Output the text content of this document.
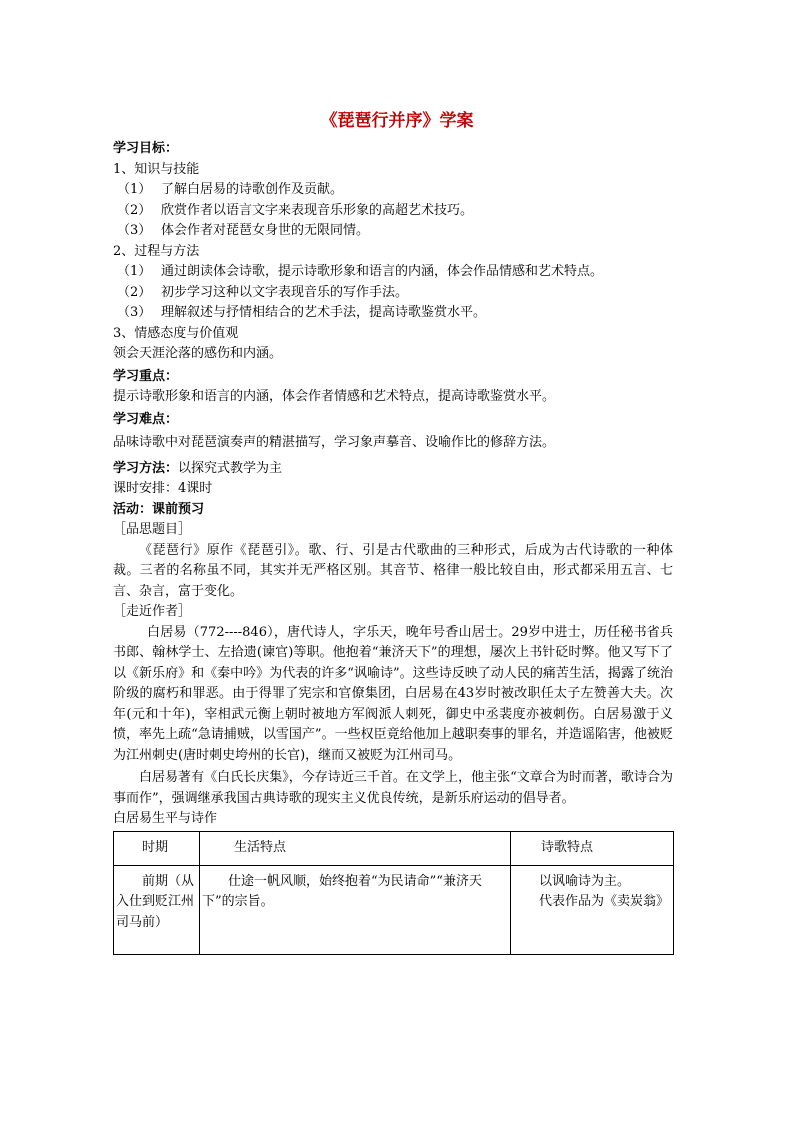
《琵琶行并序》学案
学习目标：
1、知识与技能
（1） 了解白居易的诗歌创作及贡献。
（2） 欣赏作者以语言文字来表现音乐形象的高超艺术技巧。
（3） 体会作者对琵琶女身世的无限同情。
2、过程与方法
（1） 通过朗读体会诗歌，提示诗歌形象和语言的内涵，体会作品情感和艺术特点。
（2） 初步学习这种以文字表现音乐的写作手法。
（3） 理解叙述与抒情相结合的艺术手法，提高诗歌鉴赏水平。
3、情感态度与价值观
领会天涯沦落的感伤和内涵。
学习重点：
提示诗歌形象和语言的内涵，体会作者情感和艺术特点，提高诗歌鉴赏水平。
学习难点：
品味诗歌中对琵琶演奏声的精湛描写，学习象声摹音、设喻作比的修辞方法。
学习方法：以探究式教学为主
课时安排：4课时
活动：课前预习
［品思题目］
《琵琶行》原作《琵琶引》。歌、行、引是古代歌曲的三种形式，后成为古代诗歌的一种体裁。三者的名称虽不同，其实并无严格区别。其音节、格律一般比较自由，形式都采用五言、七言、杂言，富于变化。
［走近作者］
白居易（772----846），唐代诗人，字乐天，晚年号香山居士。29岁中进士，历任秘书省兵书郎、翰林学士、左拾遗(谏官)等职。他抱着“兼济天下”的理想，屡次上书针砭时弊。他又写下了以《新乐府》和《秦中吟》为代表的许多“讽喻诗”。这些诗反映了动人民的痛苦生活，揭露了统治阶级的腐朽和罪恶。由于得罪了宪宗和官僚集团，白居易在43岁时被改职任太子左赞善大夫。次年(元和十年)，宰相武元衡上朝时被地方军阀派人刺死，御史中丞裴度亦被刺伤。白居易激于义愤，率先上疏“急请捕贼，以雪国产”。一些权臣竟给他加上越职奏事的罪名，并造谣陷害，他被贬为江州刺史(唐时刺史垮州的长官)，继而又被贬为江州司马。
白居易著有《白氏长庆集》，今存诗近三千首。在文学上，他主张“文章合为时而著，歌诗合为事而作”，强调继承我国古典诗歌的现实主义优良传统，是新乐府运动的倡导者。
白居易生平与诗作
时期	生活特点	诗歌特点

前期（从入仕到贬江州司马前）	仕途一帆风顺，始终抱着“为民请命”“兼济天下”的宗旨。	以讽喻诗为主。
代表作品为《卖炭翁》
